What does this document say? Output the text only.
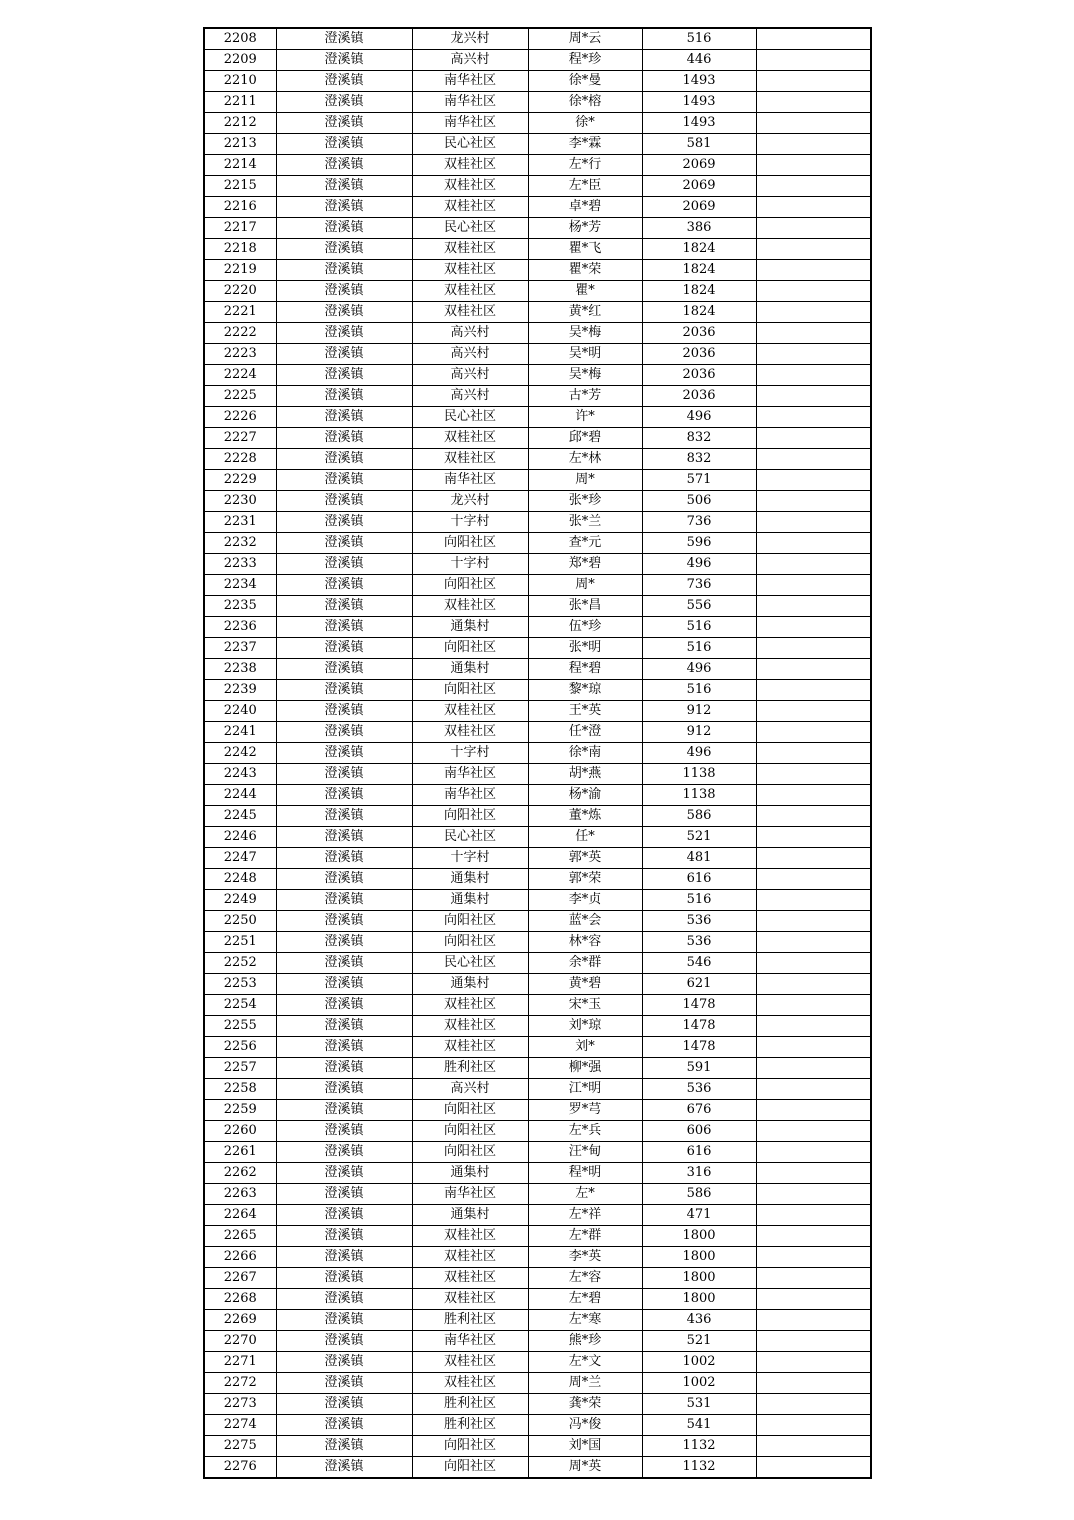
2208	澄溪镇	龙兴村	周*云	516	
2209	澄溪镇	高兴村	程*珍	446	
2210	澄溪镇	南华社区	徐*曼	1493	
2211	澄溪镇	南华社区	徐*榕	1493	
2212	澄溪镇	南华社区	徐*	1493	
2213	澄溪镇	民心社区	李*霖	581	
2214	澄溪镇	双桂社区	左*行	2069	
2215	澄溪镇	双桂社区	左*臣	2069	
2216	澄溪镇	双桂社区	卓*碧	2069	
2217	澄溪镇	民心社区	杨*芳	386	
2218	澄溪镇	双桂社区	瞿*飞	1824	
2219	澄溪镇	双桂社区	瞿*荣	1824	
2220	澄溪镇	双桂社区	瞿*	1824	
2221	澄溪镇	双桂社区	黄*红	1824	
2222	澄溪镇	高兴村	吴*梅	2036	
2223	澄溪镇	高兴村	吴*明	2036	
2224	澄溪镇	高兴村	吴*梅	2036	
2225	澄溪镇	高兴村	古*芳	2036	
2226	澄溪镇	民心社区	许*	496	
2227	澄溪镇	双桂社区	邱*碧	832	
2228	澄溪镇	双桂社区	左*林	832	
2229	澄溪镇	南华社区	周*	571	
2230	澄溪镇	龙兴村	张*珍	506	
2231	澄溪镇	十字村	张*兰	736	
2232	澄溪镇	向阳社区	查*元	596	
2233	澄溪镇	十字村	郑*碧	496	
2234	澄溪镇	向阳社区	周*	736	
2235	澄溪镇	双桂社区	张*昌	556	
2236	澄溪镇	通集村	伍*珍	516	
2237	澄溪镇	向阳社区	张*明	516	
2238	澄溪镇	通集村	程*碧	496	
2239	澄溪镇	向阳社区	黎*琼	516	
2240	澄溪镇	双桂社区	王*英	912	
2241	澄溪镇	双桂社区	任*澄	912	
2242	澄溪镇	十字村	徐*南	496	
2243	澄溪镇	南华社区	胡*燕	1138	
2244	澄溪镇	南华社区	杨*渝	1138	
2245	澄溪镇	向阳社区	董*炼	586	
2246	澄溪镇	民心社区	任*	521	
2247	澄溪镇	十字村	郭*英	481	
2248	澄溪镇	通集村	郭*荣	616	
2249	澄溪镇	通集村	李*贞	516	
2250	澄溪镇	向阳社区	蓝*会	536	
2251	澄溪镇	向阳社区	林*容	536	
2252	澄溪镇	民心社区	余*群	546	
2253	澄溪镇	通集村	黄*碧	621	
2254	澄溪镇	双桂社区	宋*玉	1478	
2255	澄溪镇	双桂社区	刘*琼	1478	
2256	澄溪镇	双桂社区	刘*	1478	
2257	澄溪镇	胜利社区	柳*强	591	
2258	澄溪镇	高兴村	江*明	536	
2259	澄溪镇	向阳社区	罗*芎	676	
2260	澄溪镇	向阳社区	左*兵	606	
2261	澄溪镇	向阳社区	汪*甸	616	
2262	澄溪镇	通集村	程*明	316	
2263	澄溪镇	南华社区	左*	586	
2264	澄溪镇	通集村	左*祥	471	
2265	澄溪镇	双桂社区	左*群	1800	
2266	澄溪镇	双桂社区	李*英	1800	
2267	澄溪镇	双桂社区	左*容	1800	
2268	澄溪镇	双桂社区	左*碧	1800	
2269	澄溪镇	胜利社区	左*寒	436	
2270	澄溪镇	南华社区	熊*珍	521	
2271	澄溪镇	双桂社区	左*文	1002	
2272	澄溪镇	双桂社区	周*兰	1002	
2273	澄溪镇	胜利社区	龚*荣	531	
2274	澄溪镇	胜利社区	冯*俊	541	
2275	澄溪镇	向阳社区	刘*国	1132	
2276	澄溪镇	向阳社区	周*英	1132	
